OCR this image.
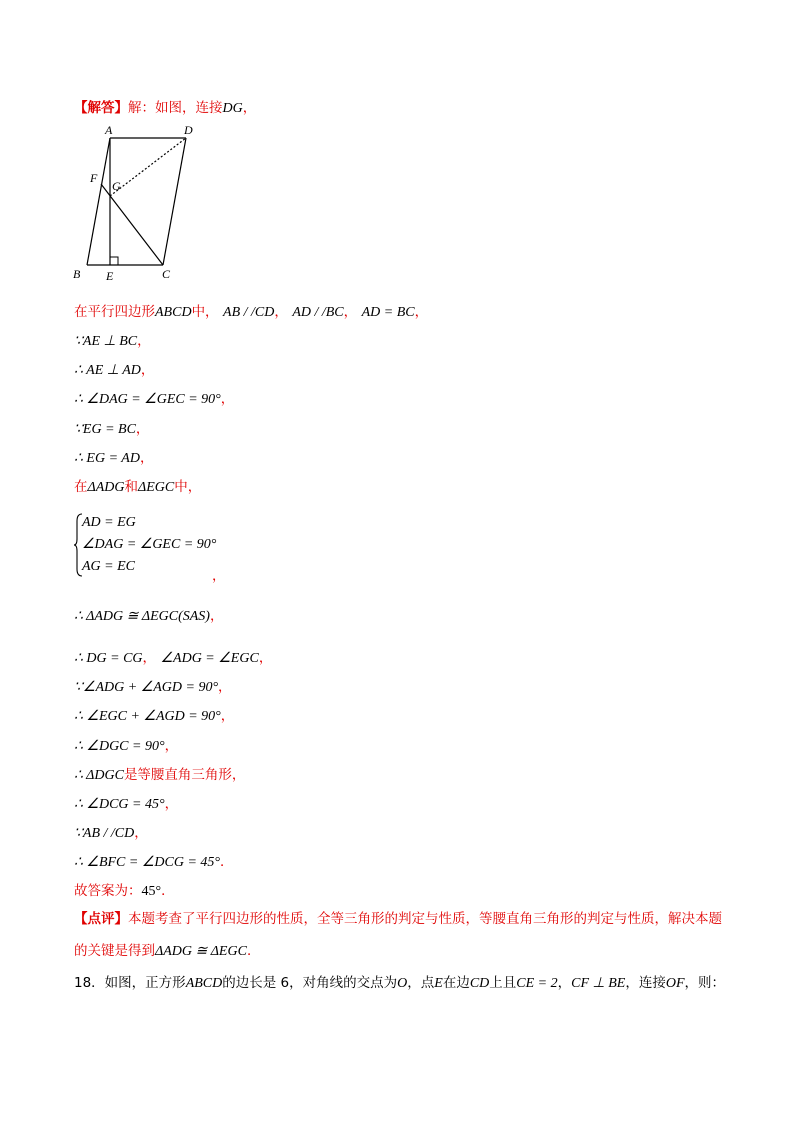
【解答】解：如图，连接DG，
A	D
F
G
B E	C
在平行四边形ABCD中， AB / /CD， AD / /BC， AD = BC，
∵AE ⊥ BC，
∴ AE ⊥ AD，
∴ ∠DAG = ∠GEC = 90°，
∵EG = BC，
∴ EG = AD，
在ΔADG和ΔEGC中，
AD = EG
∠DAG = ∠GEC = 90°
AG = EC
，
∴ ΔADG ≅ ΔEGC(SAS)，
∴ DG = CG， ∠ADG = ∠EGC，
∵∠ADG + ∠AGD = 90°，
∴ ∠EGC + ∠AGD = 90°，
∴ ∠DGC = 90°，
∴ ΔDGC是等腰直角三角形，
∴ ∠DCG = 45°，
∵AB / /CD，
∴ ∠BFC = ∠DCG = 45°．
故答案为：45°．
【点评】本题考查了平行四边形的性质，全等三角形的判定与性质，等腰直角三角形的判定与性质，解决本题的关键是得到ΔADG ≅ ΔEGC．
18．如图，正方形ABCD的边长是 6，对角线的交点为O，点E在边CD上且CE = 2，CF ⊥ BE，连接OF，则：
